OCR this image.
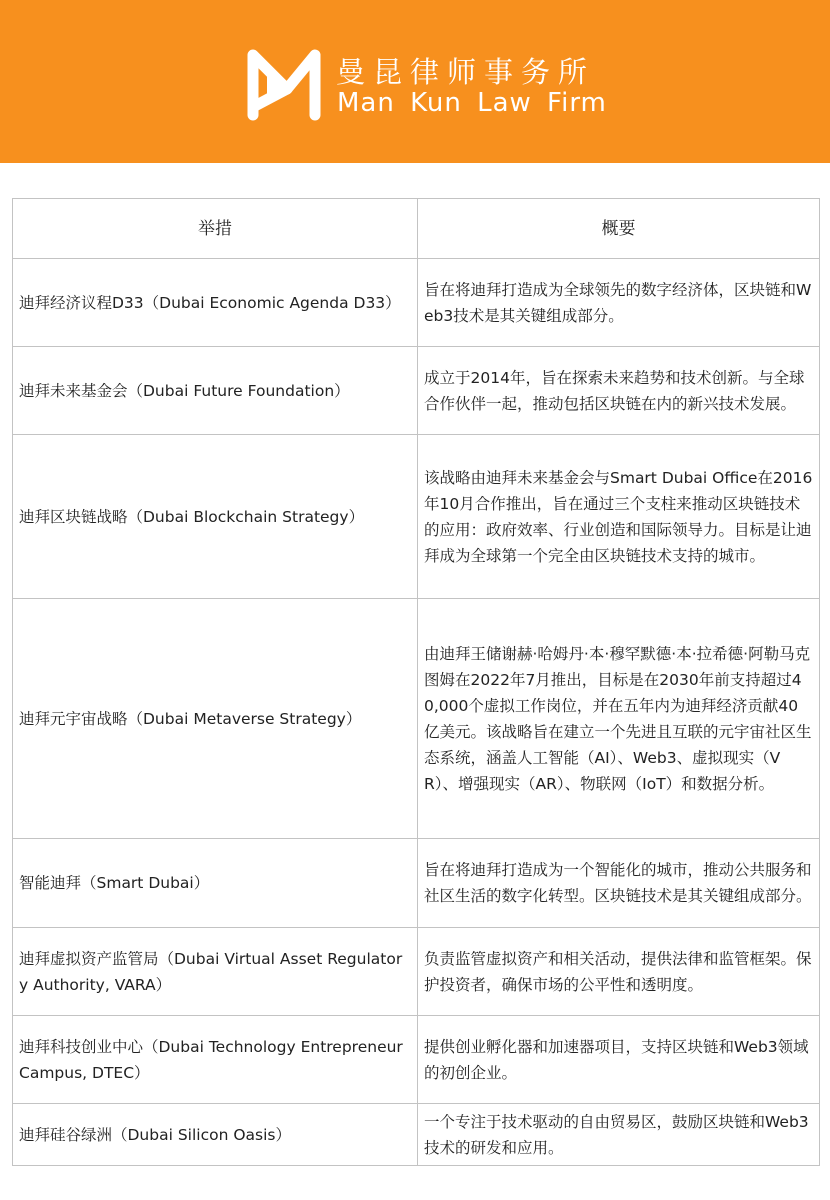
曼昆律师事务所
Man Kun Law Firm
举措	概要
迪拜经济议程D33（Dubai Economic Agenda D33）	旨在将迪拜打造成为全球领先的数字经济体，区块链和Web3技术是其关键组成部分。
迪拜未来基金会（Dubai Future Foundation）	成立于2014年，旨在探索未来趋势和技术创新。与全球合作伙伴一起，推动包括区块链在内的新兴技术发展。
迪拜区块链战略（Dubai Blockchain Strategy）	该战略由迪拜未来基金会与Smart Dubai Office在2016年10月合作推出，旨在通过三个支柱来推动区块链技术的应用：政府效率、行业创造和国际领导力。目标是让迪拜成为全球第一个完全由区块链技术支持的城市。
迪拜元宇宙战略（Dubai Metaverse Strategy）	由迪拜王储谢赫·哈姆丹·本·穆罕默德·本·拉希德·阿勒马克图姆在2022年7月推出，目标是在2030年前支持超过40,000个虚拟工作岗位，并在五年内为迪拜经济贡献40亿美元。该战略旨在建立一个先进且互联的元宇宙社区生态系统，涵盖人工智能（AI）、Web3、虚拟现实（VR）、增强现实（AR）、物联网（IoT）和数据分析。
智能迪拜（Smart Dubai）	旨在将迪拜打造成为一个智能化的城市，推动公共服务和社区生活的数字化转型。区块链技术是其关键组成部分。
迪拜虚拟资产监管局（Dubai Virtual Asset Regulatory Authority, VARA）	负责监管虚拟资产和相关活动，提供法律和监管框架。保护投资者，确保市场的公平性和透明度。
迪拜科技创业中心（Dubai Technology Entrepreneur Campus, DTEC）	提供创业孵化器和加速器项目，支持区块链和Web3领域的初创企业。
迪拜硅谷绿洲（Dubai Silicon Oasis）	一个专注于技术驱动的自由贸易区，鼓励区块链和Web3技术的研发和应用。
